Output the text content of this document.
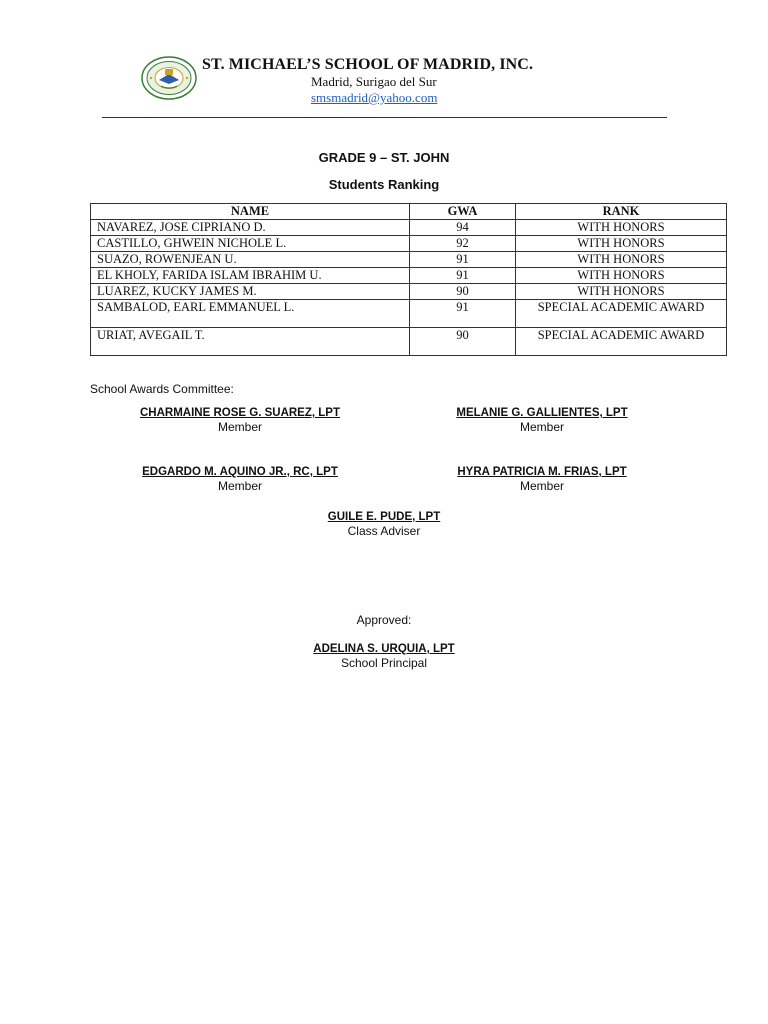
ST. MICHAEL’S SCHOOL OF MADRID, INC.
Madrid, Surigao del Sur
smsmadrid@yahoo.com
GRADE 9 – ST. JOHN
Students Ranking
NAME	GWA	RANK
NAVAREZ, JOSE CIPRIANO D.	94	WITH HONORS
CASTILLO, GHWEIN NICHOLE L.	92	WITH HONORS
SUAZO, ROWENJEAN U.	91	WITH HONORS
EL KHOLY, FARIDA ISLAM IBRAHIM U.	91	WITH HONORS
LUAREZ, KUCKY JAMES M.	90	WITH HONORS
SAMBALOD, EARL EMMANUEL L.	91	SPECIAL ACADEMIC AWARD
URIAT, AVEGAIL T.	90	SPECIAL ACADEMIC AWARD
School Awards Committee:
CHARMAINE ROSE G. SUAREZ, LPT
Member
MELANIE G. GALLIENTES, LPT
Member
EDGARDO M. AQUINO JR., RC, LPT
Member
HYRA PATRICIA M. FRIAS, LPT
Member
GUILE E. PUDE, LPT
Class Adviser
Approved:
ADELINA S. URQUIA, LPT
School Principal
